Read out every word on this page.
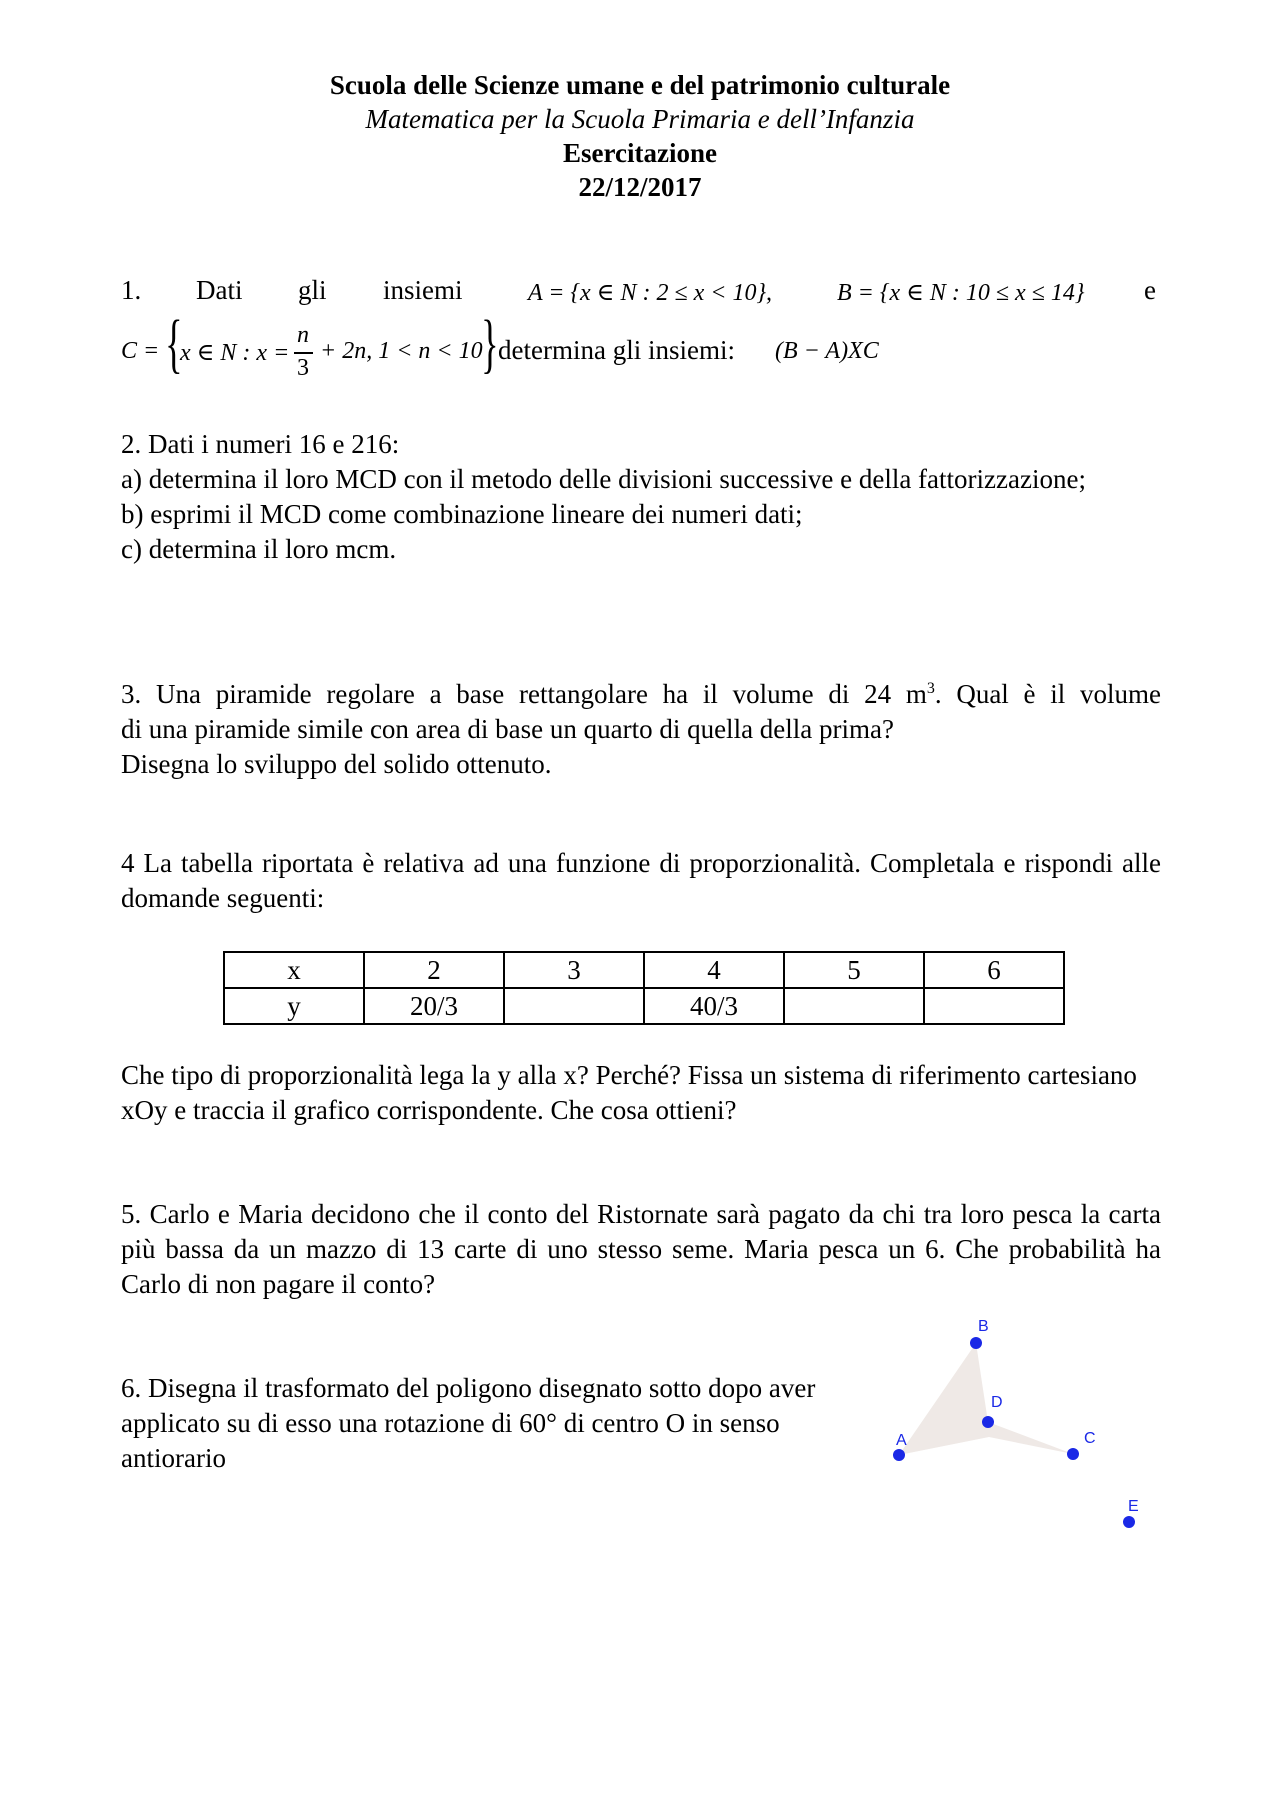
Scuola delle Scienze umane e del patrimonio culturale
Matematica per la Scuola Primaria e dell’Infanzia
Esercitazione
22/12/2017
1. Dati gli insiemi	A = {x ∈ N : 2 ≤ x < 10},	B = {x ∈ N : 10 ≤ x ≤ 14} e
C = {
x ∈ N : x =
n
3
+ 2n, 1 < n < 10
} determina gli insiemi: (B − A)XC
2. Dati i numeri 16 e 216:
a) determina il loro MCD con il metodo delle divisioni successive e della fattorizzazione;
b) esprimi il MCD come combinazione lineare dei numeri dati;
c) determina il loro mcm.
3. Una piramide regolare a base rettangolare ha il volume di 24 $m^3$. Qual è il volume
di una piramide simile con area di base un quarto di quella della prima?
Disegna lo sviluppo del solido ottenuto.
4 La tabella riportata è relativa ad una funzione di proporzionalità. Completala e rispondi alle domande seguenti:
x	2	3	4	5	6
y	20/3		40/3		
Che tipo di proporzionalità lega la y alla x? Perché? Fissa un sistema di riferimento cartesiano xOy e traccia il grafico corrispondente. Che cosa ottieni?
5. Carlo e Maria decidono che il conto del Ristornate sarà pagato da chi tra loro pesca la carta più bassa da un mazzo di 13 carte di uno stesso seme. Maria pesca un 6. Che probabilità ha Carlo di non pagare il conto?
6. Disegna il trasformato del poligono disegnato sotto dopo aver applicato su di esso una rotazione di 60° di centro O in senso antiorario
A
B
D
C
E
